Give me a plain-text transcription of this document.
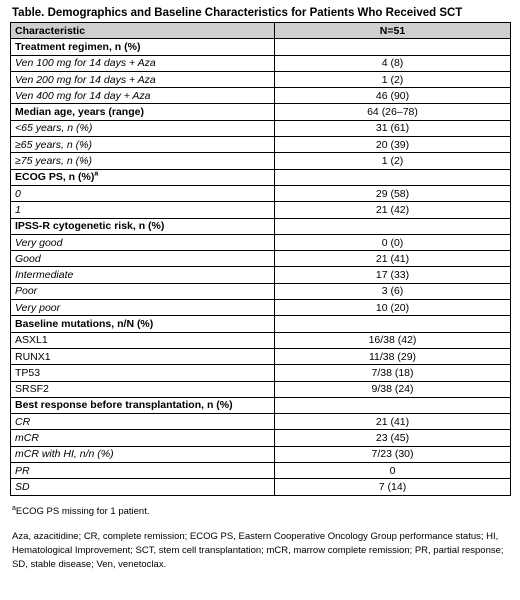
Table. Demographics and Baseline Characteristics for Patients Who Received SCT
Characteristic	N=51
Treatment regimen, n (%)	
Ven 100 mg for 14 days + Aza	4 (8)
Ven 200 mg for 14 days + Aza	1 (2)
Ven 400 mg for 14 day + Aza	46 (90)
Median age, years (range)	64 (26–78)
<65 years, n (%)	31 (61)
≥65 years, n (%)	20 (39)
≥75 years, n (%)	1 (2)
ECOG PS, n (%)$^a$	
0	29 (58)
1	21 (42)
IPSS-R cytogenetic risk, n (%)	
Very good	0 (0)
Good	21 (41)
Intermediate	17 (33)
Poor	3 (6)
Very poor	10 (20)
Baseline mutations, n/N (%)	
ASXL1	16/38 (42)
RUNX1	11/38 (29)
TP53	7/38 (18)
SRSF2	9/38 (24)
Best response before transplantation, n (%)	
CR	21 (41)
mCR	23 (45)
mCR with HI, n/n (%)	7/23 (30)
PR	0
SD	7 (14)
$^a$ECOG PS missing for 1 patient.
Aza, azacitidine; CR, complete remission; ECOG PS, Eastern Cooperative Oncology Group performance status; HI, Hematological Improvement; SCT, stem cell transplantation; mCR, marrow complete remission; PR, partial response; SD, stable disease; Ven, venetoclax.
